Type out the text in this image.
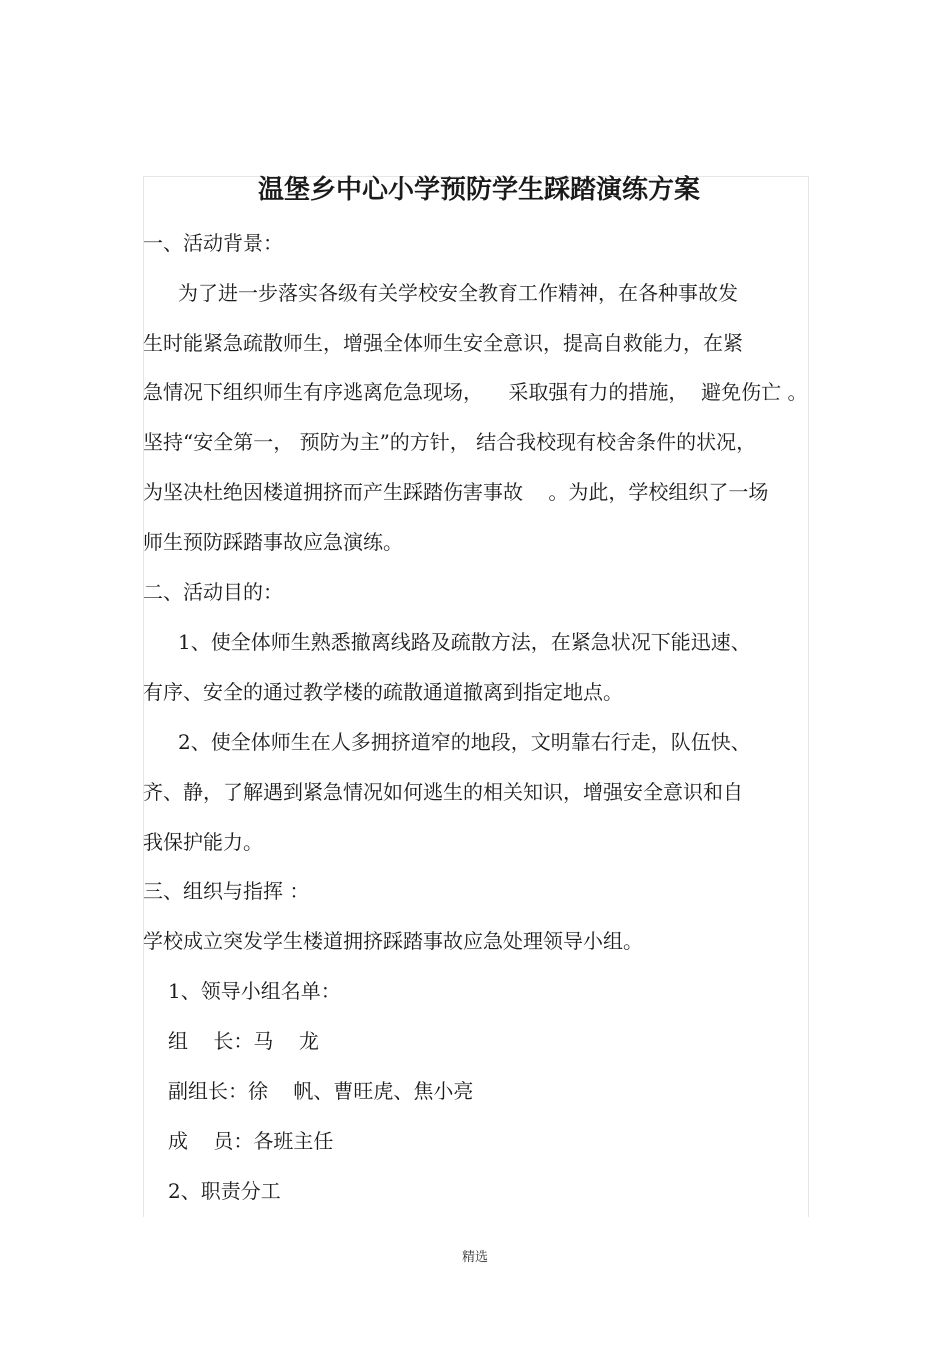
温堡乡中心小学预防学生踩踏演练方案

一、活动背景：

为了进一步落实各级有关学校安全教育工作精神，在各种事故发

生时能紧急疏散师生，增强全体师生安全意识，提高自救能力，在紧

急情况下组织师生有序逃离危急现场，    采取强有力的措施，  避免伤亡 。

坚持“安全第一， 预防为主”的方针， 结合我校现有校舍条件的状况，

为坚决杜绝因楼道拥挤而产生踩踏伤害事故    。为此，学校组织了一场

师生预防踩踏事故应急演练。

二、活动目的：

1、使全体师生熟悉撤离线路及疏散方法，在紧急状况下能迅速、

有序、安全的通过教学楼的疏散通道撤离到指定地点。

2、使全体师生在人多拥挤道窄的地段，文明靠右行走，队伍快、

齐、静，了解遇到紧急情况如何逃生的相关知识，增强安全意识和自

我保护能力。

三、组织与指挥 ：

学校成立突发学生楼道拥挤踩踏事故应急处理领导小组。

1、领导小组名单：

组    长：马    龙

副组长：徐    帆、曹旺虎、焦小亮

成    员：各班主任

2、职责分工

精选
